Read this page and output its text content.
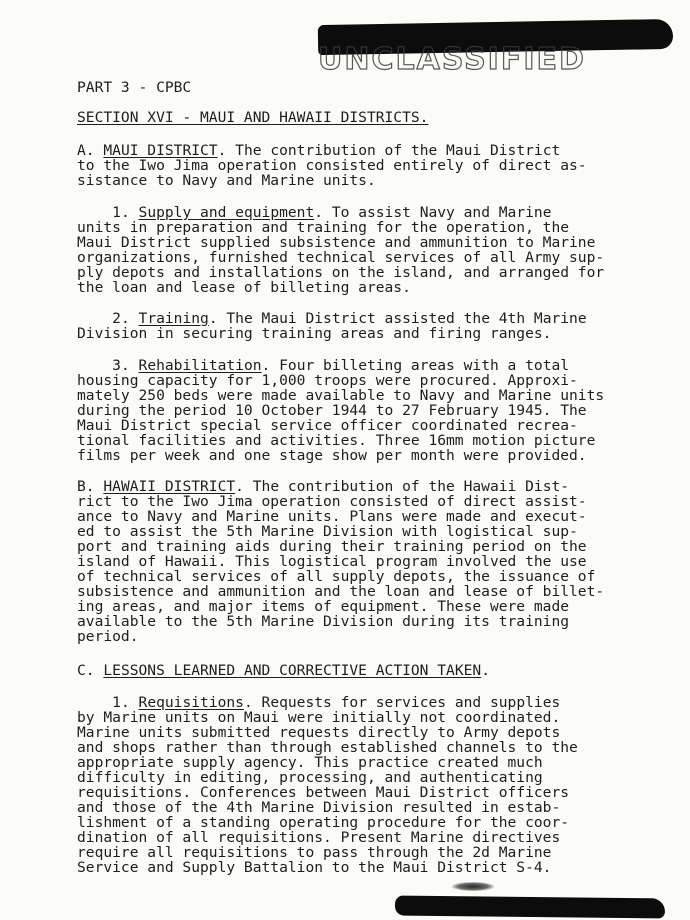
UNCLASSIFIED
PART 3 - CPBC
SECTION XVI - MAUI AND HAWAII DISTRICTS.
A. MAUI DISTRICT. The contribution of the Maui District
to the Iwo Jima operation consisted entirely of direct as-
sistance to Navy and Marine units.
1. Supply and equipment. To assist Navy and Marine
units in preparation and training for the operation, the
Maui District supplied subsistence and ammunition to Marine
organizations, furnished technical services of all Army sup-
ply depots and installations on the island, and arranged for
the loan and lease of billeting areas.
2. Training. The Maui District assisted the 4th Marine
Division in securing training areas and firing ranges.
3. Rehabilitation. Four billeting areas with a total
housing capacity for 1,000 troops were procured. Approxi-
mately 250 beds were made available to Navy and Marine units
during the period 10 October 1944 to 27 February 1945. The
Maui District special service officer coordinated recrea-
tional facilities and activities. Three 16mm motion picture
films per week and one stage show per month were provided.
B. HAWAII DISTRICT. The contribution of the Hawaii Dist-
rict to the Iwo Jima operation consisted of direct assist-
ance to Navy and Marine units. Plans were made and execut-
ed to assist the 5th Marine Division with logistical sup-
port and training aids during their training period on the
island of Hawaii. This logistical program involved the use
of technical services of all supply depots, the issuance of
subsistence and ammunition and the loan and lease of billet-
ing areas, and major items of equipment. These were made
available to the 5th Marine Division during its training
period.
C. LESSONS LEARNED AND CORRECTIVE ACTION TAKEN.
1. Requisitions. Requests for services and supplies
by Marine units on Maui were initially not coordinated.
Marine units submitted requests directly to Army depots
and shops rather than through established channels to the
appropriate supply agency. This practice created much
difficulty in editing, processing, and authenticating
requisitions. Conferences between Maui District officers
and those of the 4th Marine Division resulted in estab-
lishment of a standing operating procedure for the coor-
dination of all requisitions. Present Marine directives
require all requisitions to pass through the 2d Marine
Service and Supply Battalion to the Maui District S-4.
